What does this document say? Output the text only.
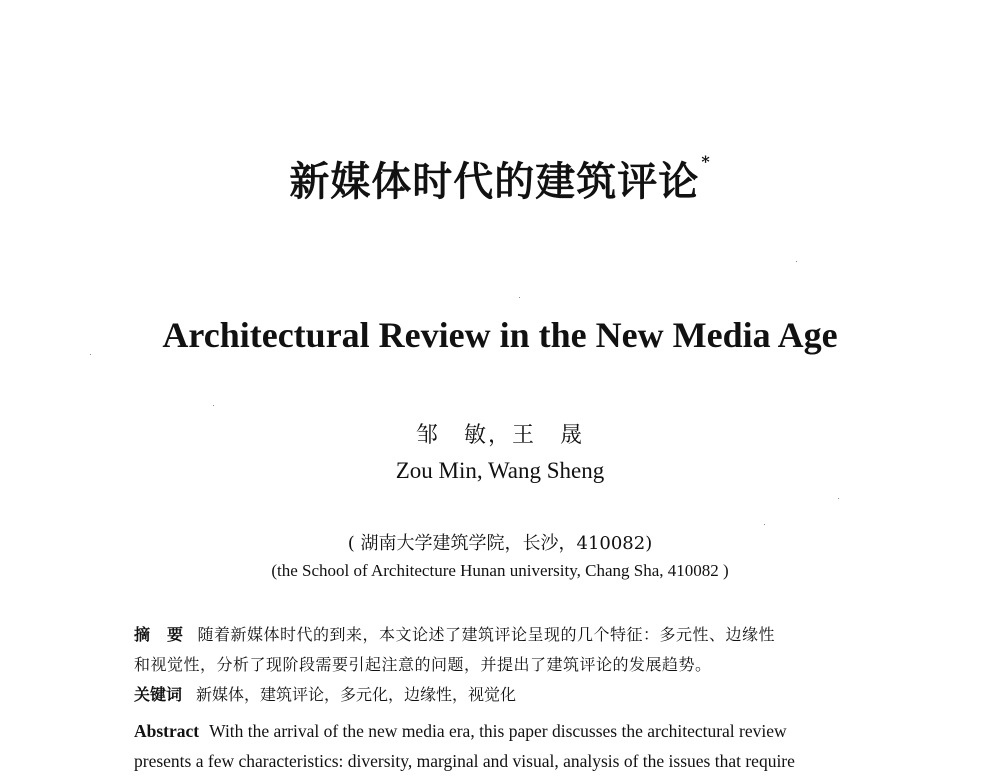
新媒体时代的建筑评论 *
Architectural Review in the New Media Age
邹　敏，王　晟
Zou Min, Wang Sheng
( 湖南大学建筑学院，长沙，410082)
(the School of Architecture Hunan university, Chang Sha, 410082 )
摘　要 随着新媒体时代的到来，本文论述了建筑评论呈现的几个特征：多元性、边缘性
和视觉性，分析了现阶段需要引起注意的问题，并提出了建筑评论的发展趋势。
关键词 新媒体，建筑评论，多元化，边缘性，视觉化
Abstract With the arrival of the new media era, this paper discusses the architectural review
presents a few characteristics: diversity, marginal and visual, analysis of the issues that require
